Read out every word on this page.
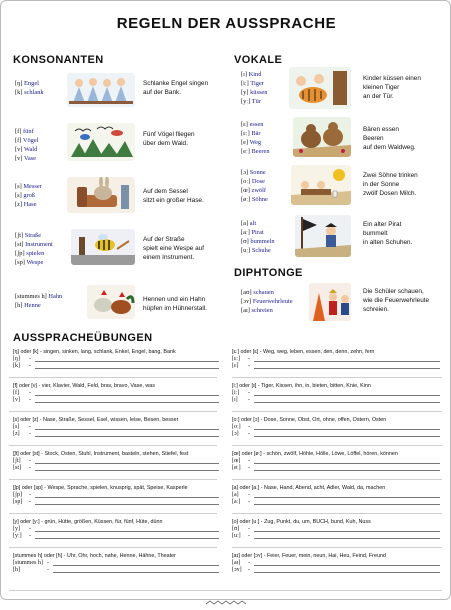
REGELN DER AUSSPRACHE
KONSONANTEN	VOKALE
DIPHTONGE
AUSSPRACHEÜBUNGEN
[ŋ] Engel
[k] schlank
Schlanke Engel singen
auf der Bank.
[f] fünf
[f] Vögel
[v] Wald
[v] Vase
Fünf Vögel fliegen
über dem Wald.
[s] Messer
[s] groß
[z] Hase
Auf dem Sessel
sitzt ein großer Hase.
[ʃt] Straße
[st] Instrument
[ʃp] spielen
[sp] Wespe
Auf der Straße
spielt eine Wespe auf
einem Instrument.
[stummes h] Hahn
[h] Henne
Hennen und ein Hahn
hüpfen im Hühnerstall.
[ɪ] Kind
[iː] Tiger
[y] küssen
[yː] Tür
Kinder küssen einen
kleinen Tiger
an der Tür.
[ɛ] essen
[ɛː] Bär
[e] Weg
[eː] Beeren
Bären essen
Beeren
auf dem Waldweg.
[ɔ] Sonne
[oː] Dose
[œ] zwölf
[øː] Söhne
Zwei Söhne trinken
in der Sonne
zwölf Dosen Milch.
[a] alt
[aː] Pirat
[ʊ] bummeln
[uː] Schuhe
Ein alter Pirat
bummelt
in alten Schuhen.
[aʊ] schauen
[ɔʏ] Feuerwehrleute
[aɪ] schreien
Die Schüler schauen,
wie die Feuerwehrleute
schreien.
[ŋ] oder [k] - singen, sinken, lang, schlank, Enkel, Engel, bang, Bank
[ŋ] -
[k] -
[f] oder [v] - vier, Klavier, Wald, Feld, brav, bravo, Vase, was
[f] -
[v] -
[s] oder [z] - Nase, Straße, Sessel, Esel, wissen, leise, Besen, besser
[s] -
[z] -
[ʃt] oder [st] - Stock, Osten, Stuhl, Instrument, basteln, stehen, Stiefel, fest
[ʃt] -
[st] -
[ʃp] oder [sp] - Wespe, Sprache, spielen, knusprig, spät, Speise, Kasperle
[ʃp] -
[sp] -
[y] oder [yː] - grün, Hütte, größen, Küssen, für, fünf, Hüte, dünn
[y] -
[yː] -
[stummes h] oder [h] - Uhr, Ohr, hoch, nahe, Henne, Hähne, Theater
[stummes h] -
[h]	-
[ɛː] oder [ɛ] - Weg, weg, leben, essen, den, denn, zehn, fern
[ɛː] -
[ɛ] -
[iː] oder [ɪ] - Tiger, Kissen, ihn, in, bieten, bitten, Knie, Kinn
[iː] -
[ɪ] -
[oː] oder [ɔ] - Dose, Sonne, Obst, Ort, ohne, offen, Ostern, Osten
[oː] -
[ɔ] -
[œ] oder [øː] - schön, zwölf, Höhle, Hölle, Löwe, Löffel, hören, können
[œ] -
[øː] -
[a] oder [aː] - Nase, Hand, Abend, acht, Adler, Wald, da, machen
[a] -
[aː] -
[ʊ] oder [uː] - Zug, Punkt, du, um, BUCH, bund, Kuh, Nuss
[ʊ] -
[uː] -
[aɪ] oder [ɔʏ] - Feier, Feuer, mein, neun, Hai, Heu, Feind, Freund
[aɪ] -
[ɔʏ] -
